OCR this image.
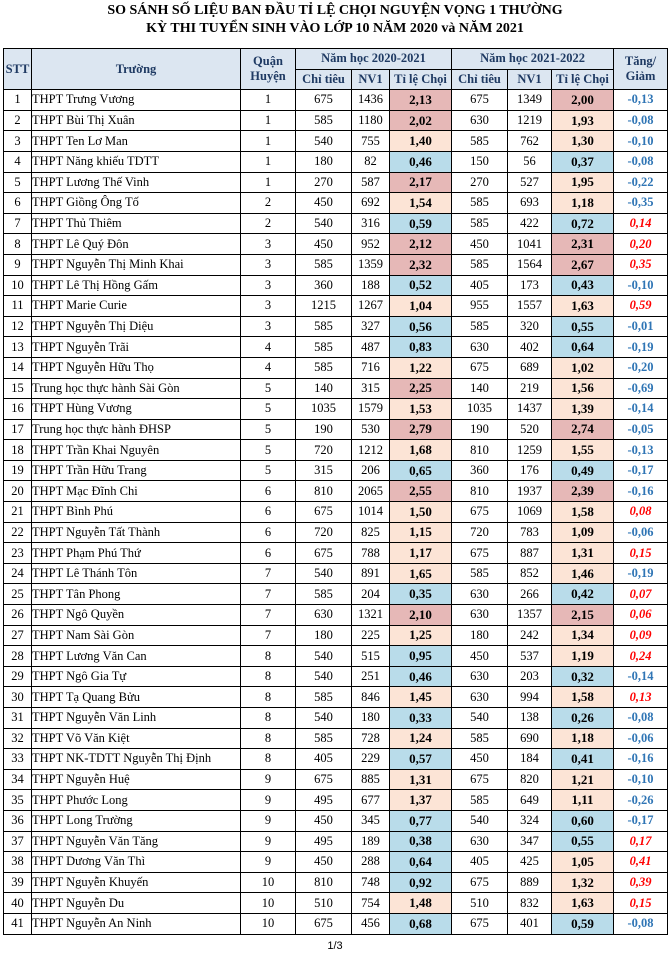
SO SÁNH SỐ LIỆU BAN ĐẦU TỈ LỆ CHỌI NGUYỆN VỌNG 1 THƯỜNG
KỲ THI TUYỂN SINH VÀO LỚP 10 NĂM 2020 và NĂM 2021
STT	Trường	Quận Huyện	Năm học 2020-2021			Năm học 2021-2022			Tăng/ Giảm
			Chỉ tiêu	NV1	Tỉ lệ Chọi	Chỉ tiêu	NV1	Tỉ lệ Chọi	
1	THPT Trưng Vương	1	675	1436	2,13	675	1349	2,00	-0,13
2	THPT Bùi Thị Xuân	1	585	1180	2,02	630	1219	1,93	-0,08
3	THPT Ten Lơ Man	1	540	755	1,40	585	762	1,30	-0,10
4	THPT Năng khiếu TDTT	1	180	82	0,46	150	56	0,37	-0,08
5	THPT Lương Thế Vinh	1	270	587	2,17	270	527	1,95	-0,22
6	THPT Giồng Ông Tố	2	450	692	1,54	585	693	1,18	-0,35
7	THPT Thủ Thiêm	2	540	316	0,59	585	422	0,72	0,14
8	THPT Lê Quý Đôn	3	450	952	2,12	450	1041	2,31	0,20
9	THPT Nguyễn Thị Minh Khai	3	585	1359	2,32	585	1564	2,67	0,35
10	THPT Lê Thị Hồng Gấm	3	360	188	0,52	405	173	0,43	-0,10
11	THPT Marie Curie	3	1215	1267	1,04	955	1557	1,63	0,59
12	THPT Nguyễn Thị Diệu	3	585	327	0,56	585	320	0,55	-0,01
13	THPT Nguyễn Trãi	4	585	487	0,83	630	402	0,64	-0,19
14	THPT Nguyễn Hữu Thọ	4	585	716	1,22	675	689	1,02	-0,20
15	Trung học thực hành Sài Gòn	5	140	315	2,25	140	219	1,56	-0,69
16	THPT Hùng Vương	5	1035	1579	1,53	1035	1437	1,39	-0,14
17	Trung học thực hành ĐHSP	5	190	530	2,79	190	520	2,74	-0,05
18	THPT Trần Khai Nguyên	5	720	1212	1,68	810	1259	1,55	-0,13
19	THPT Trần Hữu Trang	5	315	206	0,65	360	176	0,49	-0,17
20	THPT Mạc Đĩnh Chi	6	810	2065	2,55	810	1937	2,39	-0,16
21	THPT Bình Phú	6	675	1014	1,50	675	1069	1,58	0,08
22	THPT Nguyễn Tất Thành	6	720	825	1,15	720	783	1,09	-0,06
23	THPT Phạm Phú Thứ	6	675	788	1,17	675	887	1,31	0,15
24	THPT Lê Thánh Tôn	7	540	891	1,65	585	852	1,46	-0,19
25	THPT Tân Phong	7	585	204	0,35	630	266	0,42	0,07
26	THPT Ngô Quyền	7	630	1321	2,10	630	1357	2,15	0,06
27	THPT Nam Sài Gòn	7	180	225	1,25	180	242	1,34	0,09
28	THPT Lương Văn Can	8	540	515	0,95	450	537	1,19	0,24
29	THPT Ngô Gia Tự	8	540	251	0,46	630	203	0,32	-0,14
30	THPT Tạ Quang Bửu	8	585	846	1,45	630	994	1,58	0,13
31	THPT Nguyễn Văn Linh	8	540	180	0,33	540	138	0,26	-0,08
32	THPT Võ Văn Kiệt	8	585	728	1,24	585	690	1,18	-0,06
33	THPT NK-TDTT Nguyễn Thị Định	8	405	229	0,57	450	184	0,41	-0,16
34	THPT Nguyễn Huệ	9	675	885	1,31	675	820	1,21	-0,10
35	THPT Phước Long	9	495	677	1,37	585	649	1,11	-0,26
36	THPT Long Trường	9	450	345	0,77	540	324	0,60	-0,17
37	THPT Nguyễn Văn Tăng	9	495	189	0,38	630	347	0,55	0,17
38	THPT Dương Văn Thì	9	450	288	0,64	405	425	1,05	0,41
39	THPT Nguyễn Khuyến	10	810	748	0,92	675	889	1,32	0,39
40	THPT Nguyễn Du	10	510	754	1,48	510	832	1,63	0,15
41	THPT Nguyễn An Ninh	10	675	456	0,68	675	401	0,59	-0,08
1/3
